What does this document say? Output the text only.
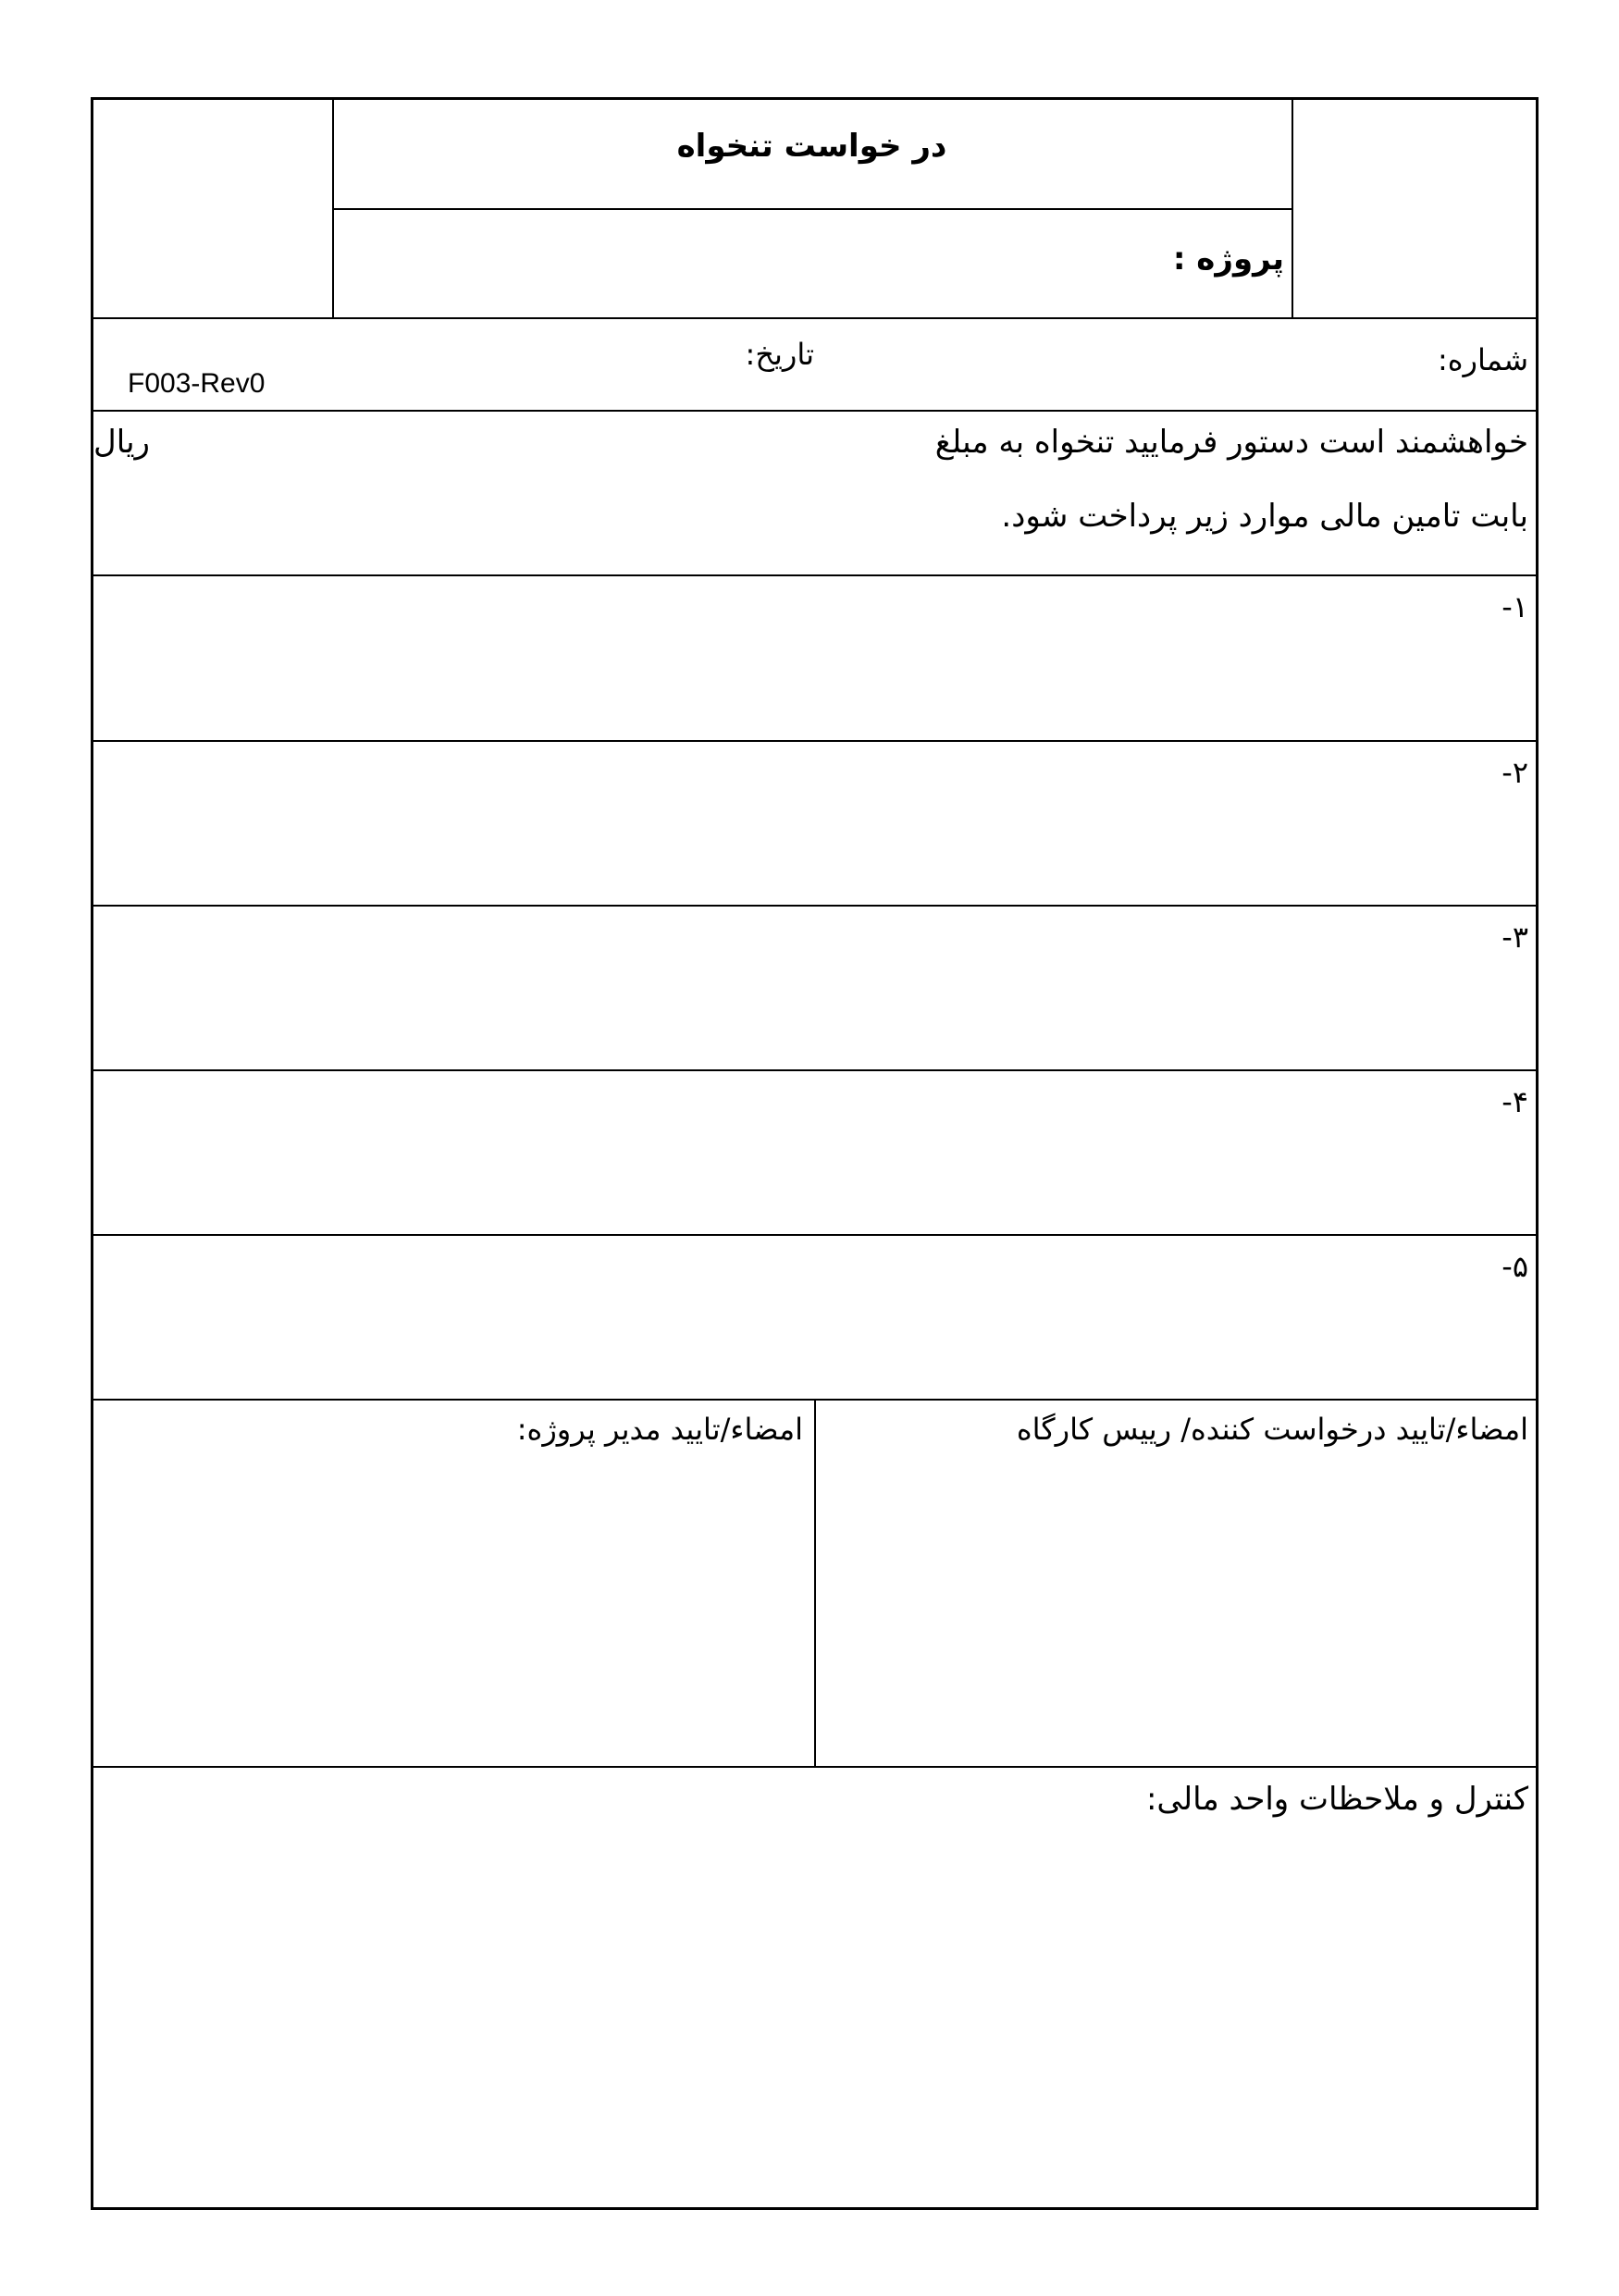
در خواست تنخواه
پروژه :
شماره:
تاریخ:
F003-Rev0
خواهشمند است دستور فرمایید تنخواه به مبلغ
ریال
بابت تامین مالی موارد زیر پرداخت شود.
۱-
۲-
۳-
۴-
۵-
امضاء/تایید درخواست کننده/ رییس کارگاه
امضاء/تایید مدیر پروژه:
کنترل و ملاحظات واحد مالی:
